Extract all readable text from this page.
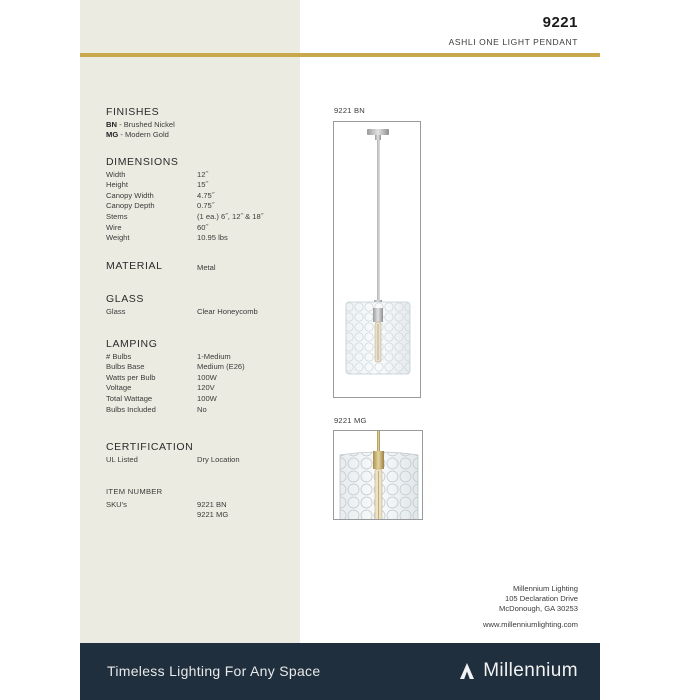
9221
ASHLI ONE LIGHT PENDANT
FINISHES
BN - Brushed Nickel
MG - Modern Gold
DIMENSIONS
Width	12˝
Height	15˝
Canopy Width	4.75˝
Canopy Depth	0.75˝
Stems	(1 ea.) 6˝, 12˝ & 18˝
Wire	60˝
Weight	10.95 lbs
MATERIAL	Metal
GLASS
Glass	Clear Honeycomb
LAMPING
# Bulbs	1-Medium
Bulbs Base	Medium (E26)
Watts per Bulb	100W
Voltage	120V
Total Wattage	100W
Bulbs Included	No
CERTIFICATION
UL Listed	Dry Location
ITEM NUMBER
SKU's	9221 BN
9221 MG
9221 BN
9221 MG
Millennium Lighting
105 Declaration Drive
McDonough, GA 30253
www.millenniumlighting.com
Timeless Lighting For Any Space	Millennium
